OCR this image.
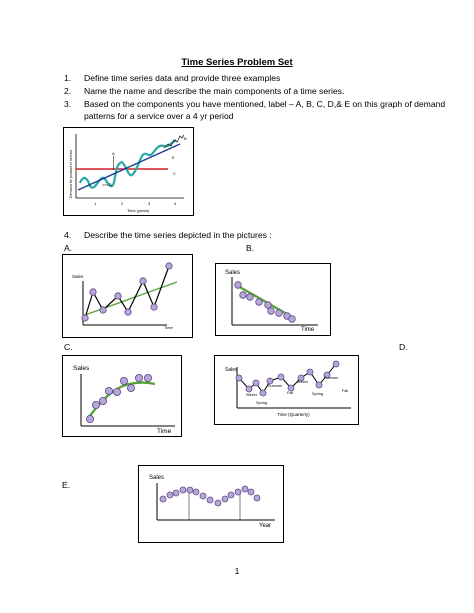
Time Series Problem Set
1. Define time series data and provide three examples
2. Name the name and describe the main components of a time series.
3. Based on the components you have mentioned, label – A, B, C, D,& E on this graph of demand
patterns for a service over a 4 yr period
Demand for product or service
1	2	3	4
Time (years)
A
B
C
D
E
4. Describe the time series depicted in the pictures :
A.	B.
C.	D.
E.
Sales
Time
Sales
Time
Sales
Time
Sales
Time (Quarterly)
Winter
Spring
Summer
Fall
Winter
Spring
Summer
Fall
Sales
Year
1
